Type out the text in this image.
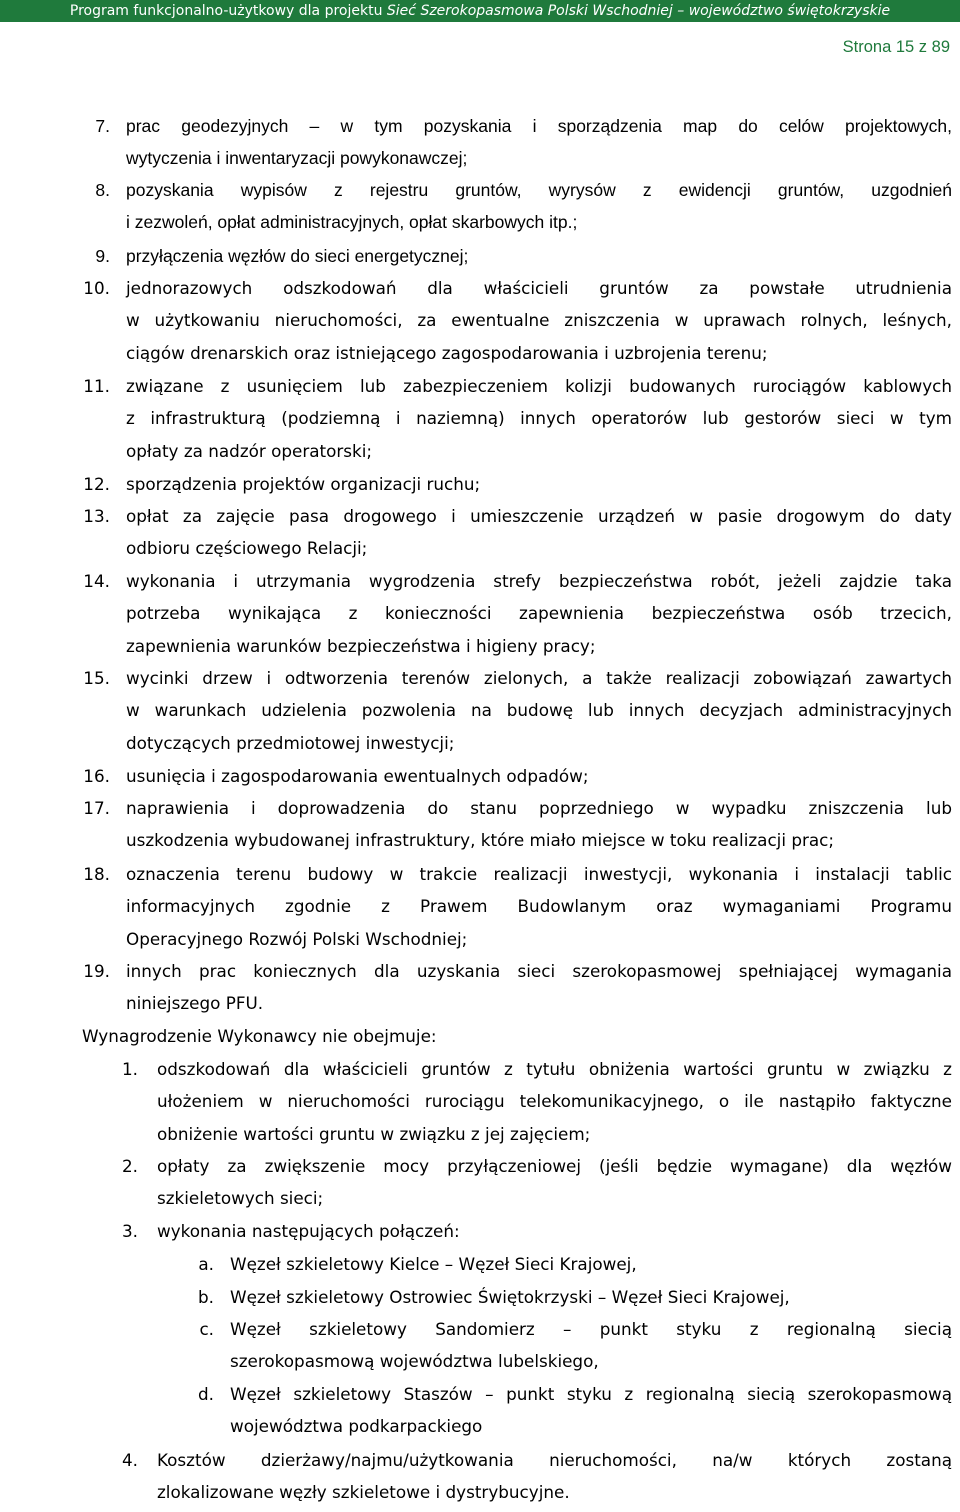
Program funkcjonalno-użytkowy dla projektu Sieć Szerokopasmowa Polski Wschodniej – województwo świętokrzyskie
Strona 15 z 89
7. prac geodezyjnych – w tym pozyskania i sporządzenia map do celów projektowych,
wytyczenia i inwentaryzacji powykonawczej;
8. pozyskania wypisów z rejestru gruntów, wyrysów z ewidencji gruntów, uzgodnień
i zezwoleń, opłat administracyjnych, opłat skarbowych itp.;
9. przyłączenia węzłów do sieci energetycznej;
10. jednorazowych odszkodowań dla właścicieli gruntów za powstałe utrudnienia
w użytkowaniu nieruchomości, za ewentualne zniszczenia w uprawach rolnych, leśnych,
ciągów drenarskich oraz istniejącego zagospodarowania i uzbrojenia terenu;
11. związane z usunięciem lub zabezpieczeniem kolizji budowanych rurociągów kablowych
z infrastrukturą (podziemną i naziemną) innych operatorów lub gestorów sieci w tym
opłaty za nadzór operatorski;
12. sporządzenia projektów organizacji ruchu;
13. opłat za zajęcie pasa drogowego i umieszczenie urządzeń w pasie drogowym do daty
odbioru częściowego Relacji;
14. wykonania i utrzymania wygrodzenia strefy bezpieczeństwa robót, jeżeli zajdzie taka
potrzeba wynikająca z konieczności zapewnienia bezpieczeństwa osób trzecich,
zapewnienia warunków bezpieczeństwa i higieny pracy;
15. wycinki drzew i odtworzenia terenów zielonych, a także realizacji zobowiązań zawartych
w warunkach udzielenia pozwolenia na budowę lub innych decyzjach administracyjnych
dotyczących przedmiotowej inwestycji;
16. usunięcia i zagospodarowania ewentualnych odpadów;
17. naprawienia i doprowadzenia do stanu poprzedniego w wypadku zniszczenia lub
uszkodzenia wybudowanej infrastruktury, które miało miejsce w toku realizacji prac;
18. oznaczenia terenu budowy w trakcie realizacji inwestycji, wykonania i instalacji tablic
informacyjnych zgodnie z Prawem Budowlanym oraz wymaganiami Programu
Operacyjnego Rozwój Polski Wschodniej;
19. innych prac koniecznych dla uzyskania sieci szerokopasmowej spełniającej wymagania
niniejszego PFU.
Wynagrodzenie Wykonawcy nie obejmuje:
1. odszkodowań dla właścicieli gruntów z tytułu obniżenia wartości gruntu w związku z
ułożeniem w nieruchomości rurociągu telekomunikacyjnego, o ile nastąpiło faktyczne
obniżenie wartości gruntu w związku z jej zajęciem;
2. opłaty za zwiększenie mocy przyłączeniowej (jeśli będzie wymagane) dla węzłów
szkieletowych sieci;
3. wykonania następujących połączeń:
4. Kosztów dzierżawy/najmu/użytkowania nieruchomości, na/w których zostaną
zlokalizowane węzły szkieletowe i dystrybucyjne.
a. Węzeł szkieletowy Kielce – Węzeł Sieci Krajowej,
b. Węzeł szkieletowy Ostrowiec Świętokrzyski – Węzeł Sieci Krajowej,
c. Węzeł szkieletowy Sandomierz – punkt styku z regionalną siecią
szerokopasmową województwa lubelskiego,
d. Węzeł szkieletowy Staszów – punkt styku z regionalną siecią szerokopasmową
województwa podkarpackiego
